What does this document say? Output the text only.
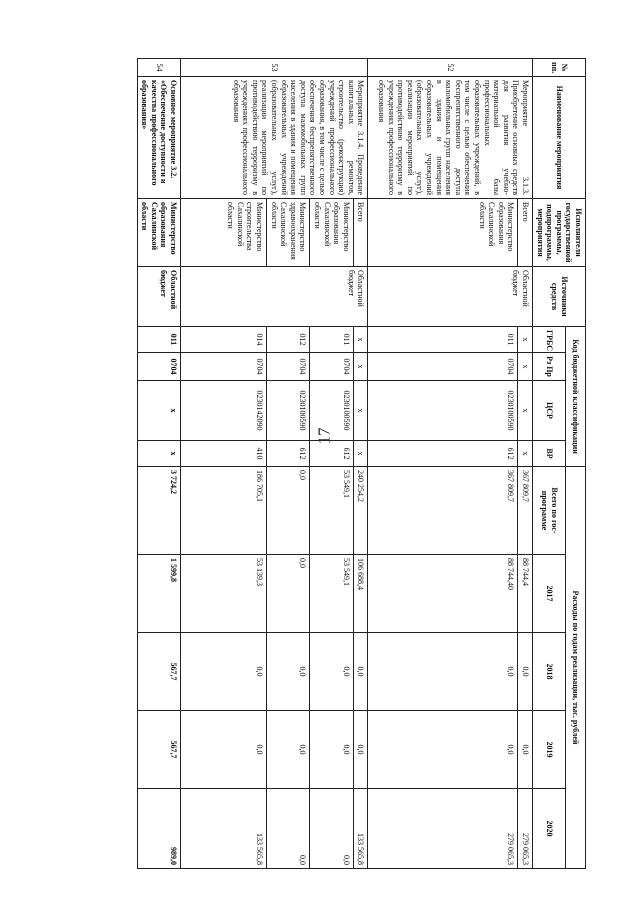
17
№ пп.	Наименование мероприятия	Исполнители государственной программы, подпрограммы, мероприятия	Источники средств	Код бюджетной классификации				Расходы по годам реализации, тыс. рублей				
				ГРБС	Рз Пр	ЦСР	ВР	Всего по гос-программе	2017	2018	2019	2020
52	Мероприятие 3.1.3. Приобретение основных средств для развития учебно-материальной базы профессиональных образовательных учреждений, в том числе с целью обеспечения беспрепятственного доступа маломобильных групп населения в здания и помещения образовательных учреждений (образовательных услуг), реализации мероприятий по противодействию терроризму в учреждениях профессионального образования	Всего	Областной бюджет	х	х	х	х	367 809,7	88 744,4	0,0	0,0	279 065,3
		Министерство образования Сахалинской области		011	0704	0230100590	612	367 809,7	88 744,40	0,0	0,0	279 065,3
53	Мероприятие 3.1.4. Проведение капитальных ремонтов, строительство (реконструкция) учреждений профессионального образования, в том числе с целью обеспечения беспрепятственного доступа маломобильных групп населения в здания и помещения образовательных учреждений (образовательных услуг), реализации мероприятий по противодействию терроризму в учреждениях профессионального образования	Всего	Областной бюджет	х	х	х	х	240 254,2	106 688,4	0,0	0,0	133 565,8
		Министерство образования Сахалинской области		011	0704	0230100590	612	53 549,1	53 549,1	0,0	0,0	0,0
		Министерство здравоохранения Сахалинской области		012	0704	0230100590	612	0,0	0,0	0,0	0,0	0,0
		Министерство строительства Сахалинской области		014	0704	0230142090	410	186 705,1	53 139,3	0,0	0,0	133 565,8
54	Основное мероприятие 3.2. «Обеспечение доступности и качества профессионального образования»	Министерство образования Сахалинской области	Областной бюджет	011	0704	х	х	3 724,2	1 599,8	567,7	567,7	989,0
